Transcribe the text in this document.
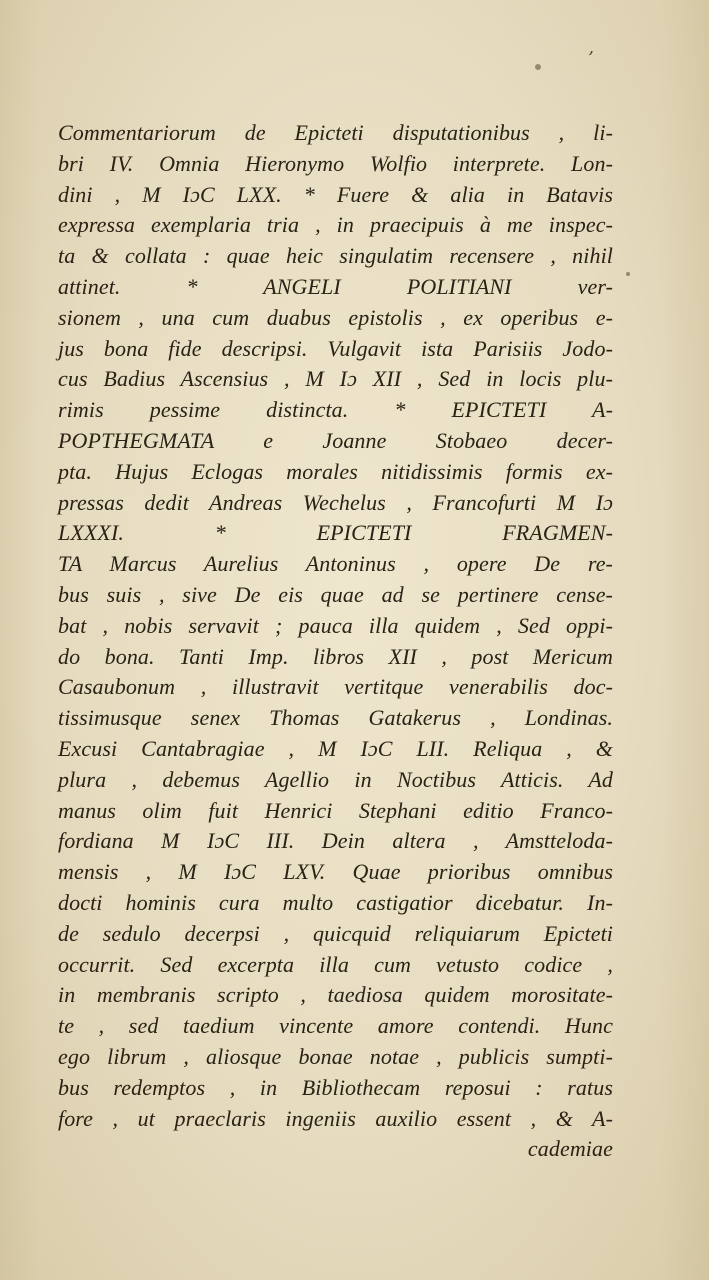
’
Commentariorum de Epicteti disputationibus , li-
bri IV. Omnia Hieronymo Wolfio interprete. Lon-
dini , M IɔC LXX. * Fuere & alia in Batavis
expressa exemplaria tria , in praecipuis à me inspec-
ta & collata : quae heic singulatim recensere , nihil
attinet. * ANGELI POLITIANI ver-
sionem , una cum duabus epistolis , ex operibus e-
jus bona fide descripsi. Vulgavit ista Parisiis Jodo-
cus Badius Ascensius , M Iɔ XII , Sed in locis plu-
rimis pessime distincta. * EPICTETI A-
POPTHEGMATA e Joanne Stobaeo decer-
pta. Hujus Eclogas morales nitidissimis formis ex-
pressas dedit Andreas Wechelus , Francofurti M Iɔ
LXXXI. * EPICTETI FRAGMEN-
TA Marcus Aurelius Antoninus , opere De re-
bus suis , sive De eis quae ad se pertinere cense-
bat , nobis servavit ; pauca illa quidem , Sed oppi-
do bona. Tanti Imp. libros XII , post Mericum
Casaubonum , illustravit vertitque venerabilis doc-
tissimusque senex Thomas Gatakerus , Londinas.
Excusi Cantabragiae , M IɔC LII. Reliqua , &
plura , debemus Agellio in Noctibus Atticis. Ad
manus olim fuit Henrici Stephani editio Franco-
fordiana M IɔC III. Dein altera , Amstteloda-
mensis , M IɔC LXV. Quae prioribus omnibus
docti hominis cura multo castigatior dicebatur. In-
de sedulo decerpsi , quicquid reliquiarum Epicteti
occurrit. Sed excerpta illa cum vetusto codice ,
in membranis scripto , taediosa quidem morositate-
te , sed taedium vincente amore contendi. Hunc
ego librum , aliosque bonae notae , publicis sumpti-
bus redemptos , in Bibliothecam reposui : ratus
fore , ut praeclaris ingeniis auxilio essent , & A-
cademiae
